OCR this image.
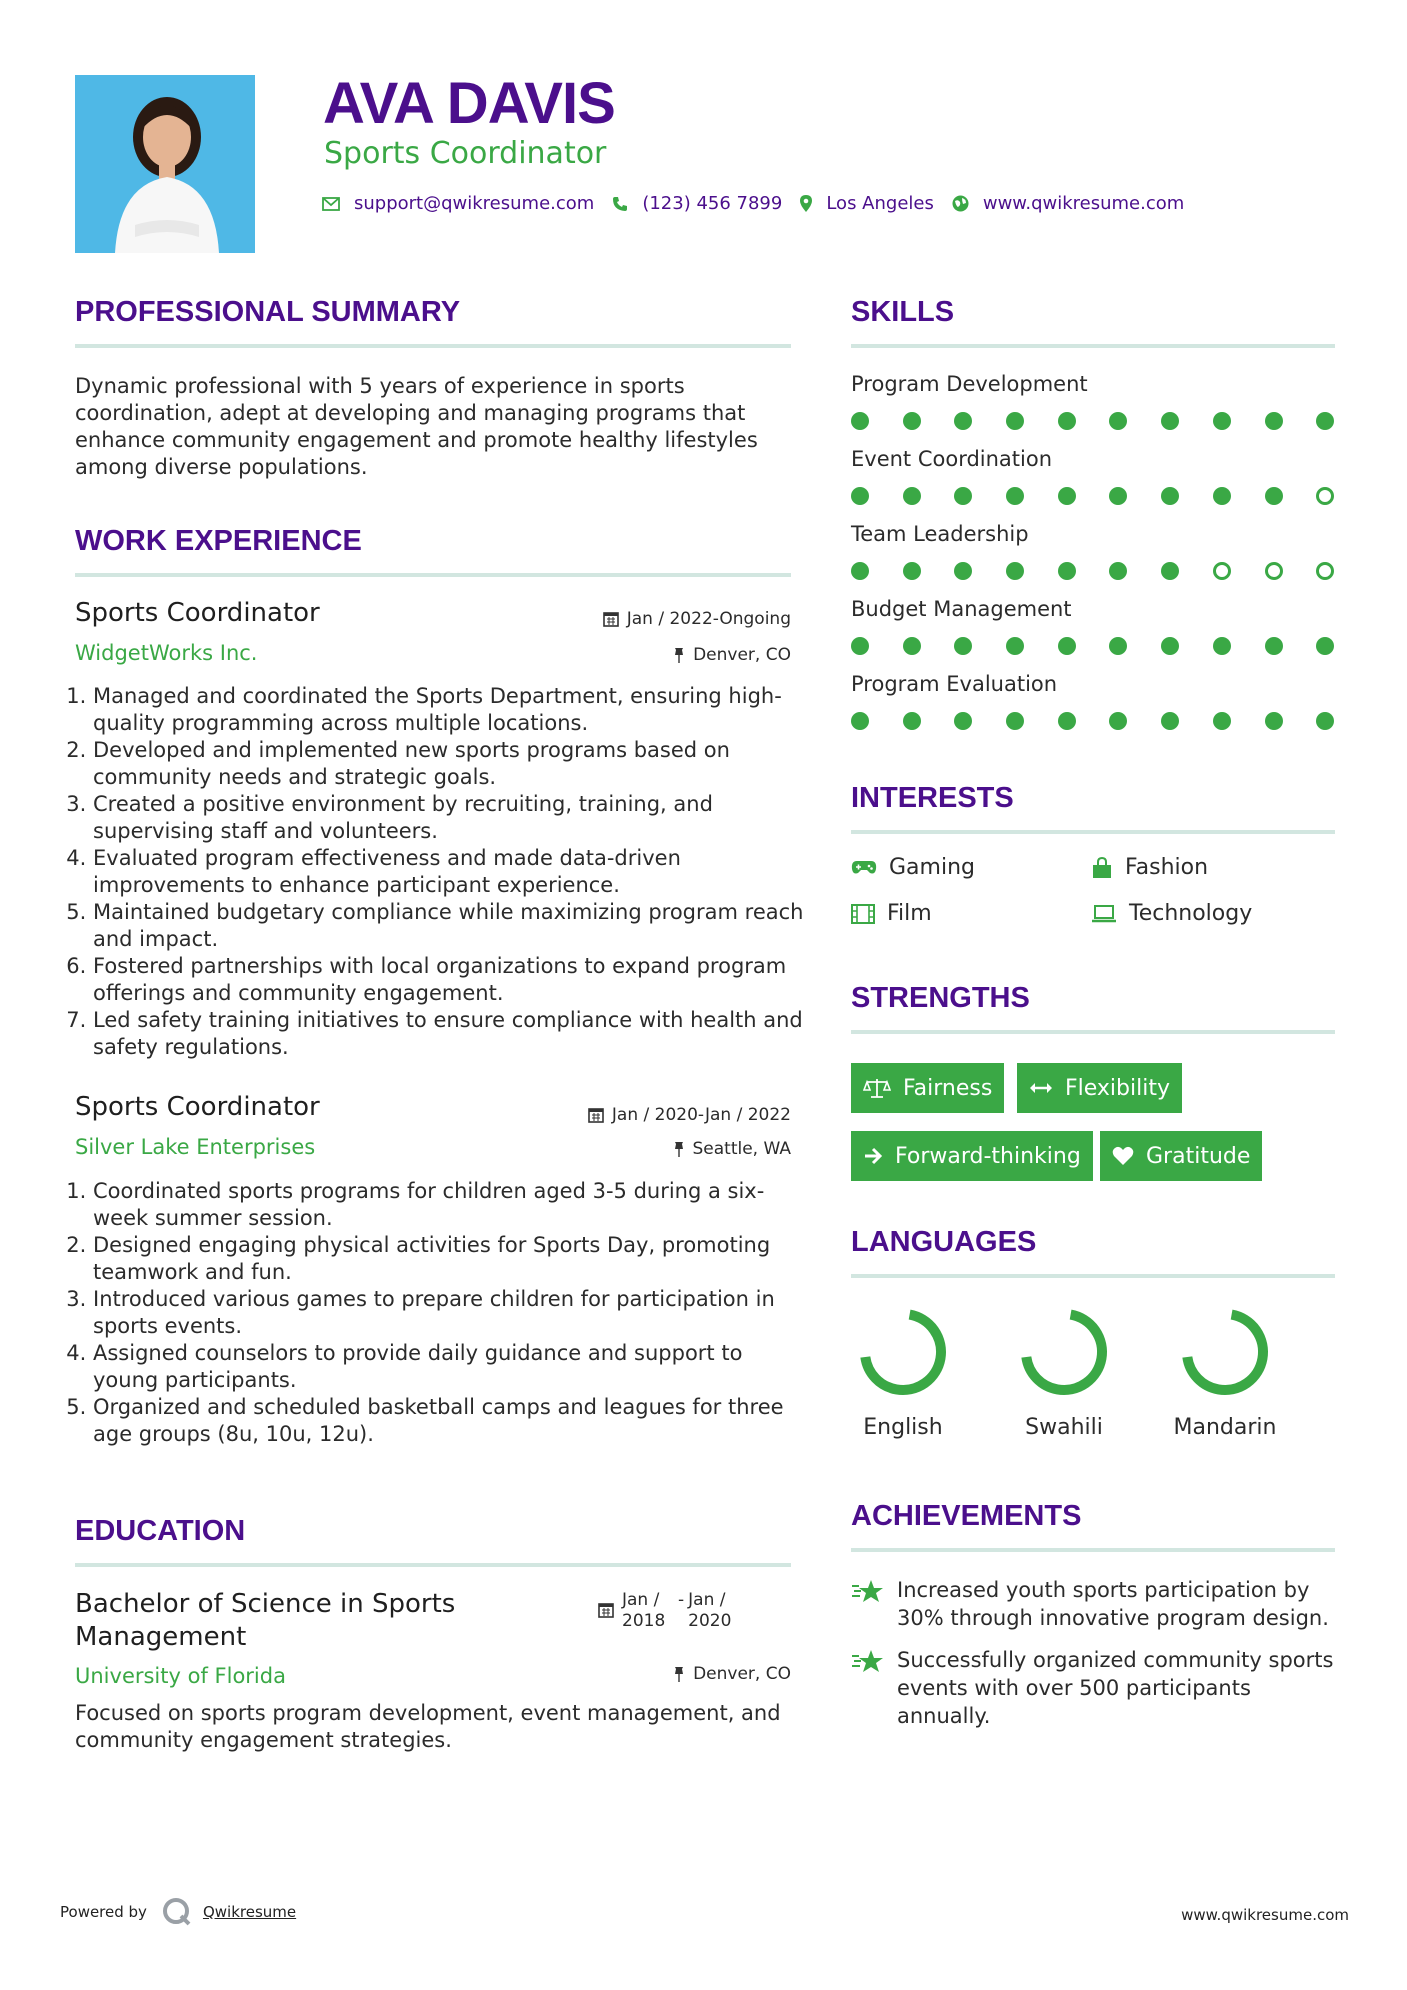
AVA DAVIS
Sports Coordinator
support@qwikresume.com	(123) 456 7899 Los Angeles	www.qwikresume.com
PROFESSIONAL SUMMARY
Dynamic professional with 5 years of experience in sports coordination, adept at developing and managing programs that enhance community engagement and promote healthy lifestyles among diverse populations.
WORK EXPERIENCE
Sports Coordinator	Jan / 2022-Ongoing
WidgetWorks Inc.	Denver, CO
1. Managed and coordinated the Sports Department, ensuring high-quality programming across multiple locations.
2. Developed and implemented new sports programs based on community needs and strategic goals.
3. Created a positive environment by recruiting, training, and supervising staff and volunteers.
4. Evaluated program effectiveness and made data-driven improvements to enhance participant experience.
5. Maintained budgetary compliance while maximizing program reach and impact.
6. Fostered partnerships with local organizations to expand program offerings and community engagement.
7. Led safety training initiatives to ensure compliance with health and safety regulations.
Sports Coordinator	Jan / 2020-Jan / 2022
Silver Lake Enterprises	Seattle, WA
1. Coordinated sports programs for children aged 3-5 during a six-week summer session.
2. Designed engaging physical activities for Sports Day, promoting teamwork and fun.
3. Introduced various games to prepare children for participation in sports events.
4. Assigned counselors to provide daily guidance and support to young participants.
5. Organized and scheduled basketball camps and leagues for three age groups (8u, 10u, 12u).
EDUCATION
Bachelor of Science in Sports Management
Jan / 2018
- Jan / 2020
University of Florida	Denver, CO
Focused on sports program development, event management, and community engagement strategies.
SKILLS
Program Development
Event Coordination
Team Leadership
Budget Management
Program Evaluation
INTERESTS
Gaming	Fashion
Film	Technology
STRENGTHS
Fairness	Flexibility
Forward-thinking	Gratitude
LANGUAGES
English	Swahili	Mandarin
ACHIEVEMENTS
Increased youth sports participation by 30% through innovative program design.
Successfully organized community sports events with over 500 participants annually.
Powered by	Qwikresume	www.qwikresume.com
